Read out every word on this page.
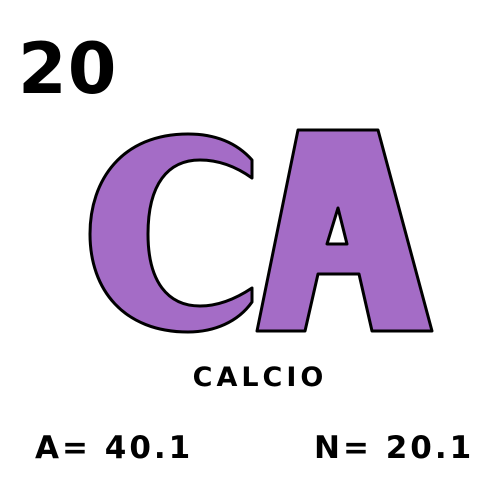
20
CALCIO
A= 40.1	N= 20.1
